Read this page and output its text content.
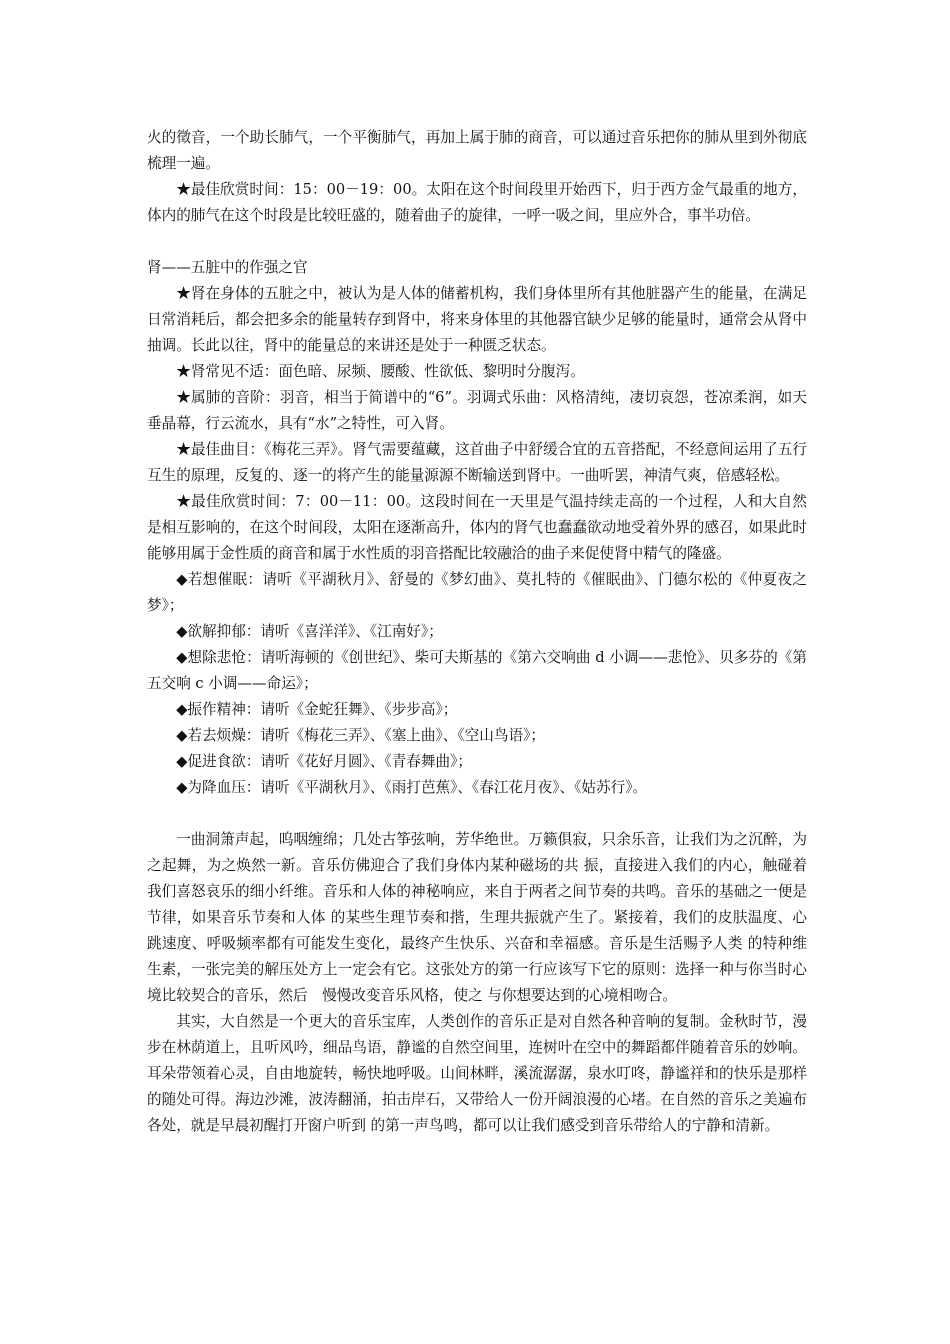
火的徵音，一个助长肺气，一个平衡肺气，再加上属于肺的商音，可以通过音乐把你的肺从里到外彻底梳理一遍。

★最佳欣赏时间：15：00－19：00。太阳在这个时间段里开始西下，归于西方金气最重的地方，体内的肺气在这个时段是比较旺盛的，随着曲子的旋律，一呼一吸之间，里应外合，事半功倍。

肾——五脏中的作强之官

★肾在身体的五脏之中，被认为是人体的储蓄机构，我们身体里所有其他脏器产生的能量，在满足日常消耗后，都会把多余的能量转存到肾中，将来身体里的其他器官缺少足够的能量时，通常会从肾中抽调。长此以往，肾中的能量总的来讲还是处于一种匮乏状态。

★肾常见不适：面色暗、尿频、腰酸、性欲低、黎明时分腹泻。

★属肺的音阶：羽音，相当于简谱中的“6”。羽调式乐曲：风格清纯，凄切哀怨，苍凉柔润，如天垂晶幕，行云流水，具有“水”之特性，可入肾。

★最佳曲目：《梅花三弄》。肾气需要蕴藏，这首曲子中舒缓合宜的五音搭配，不经意间运用了五行互生的原理，反复的、逐一的将产生的能量源源不断输送到肾中。一曲听罢，神清气爽，倍感轻松。

★最佳欣赏时间：7：00－11：00。这段时间在一天里是气温持续走高的一个过程，人和大自然是相互影响的，在这个时间段，太阳在逐渐高升，体内的肾气也蠢蠢欲动地受着外界的感召，如果此时能够用属于金性质的商音和属于水性质的羽音搭配比较融洽的曲子来促使肾中精气的隆盛。

◆若想催眠：请听《平湖秋月》、舒曼的《梦幻曲》、莫扎特的《催眠曲》、门德尔松的《仲夏夜之梦》；

◆欲解抑郁：请听《喜洋洋》、《江南好》；

◆想除悲怆：请听海顿的《创世纪》、柴可夫斯基的《第六交响曲 d 小调——悲怆》、贝多芬的《第五交响 c 小调——命运》；

◆振作精神：请听《金蛇狂舞》、《步步高》；

◆若去烦燥：请听《梅花三弄》、《塞上曲》、《空山鸟语》；

◆促进食欲：请听《花好月圆》、《青春舞曲》；

◆为降血压：请听《平湖秋月》、《雨打芭蕉》、《春江花月夜》、《姑苏行》。

一曲洞箫声起，呜咽缠绵；几处古筝弦响，芳华绝世。万籁俱寂，只余乐音，让我们为之沉醉，为之起舞，为之焕然一新。音乐仿佛迎合了我们身体内某种磁场的共 振，直接进入我们的内心，触碰着我们喜怒哀乐的细小纤维。音乐和人体的神秘响应，来自于两者之间节奏的共鸣。音乐的基础之一便是节律，如果音乐节奏和人体 的某些生理节奏和揩，生理共振就产生了。紧接着，我们的皮肤温度、心跳速度、呼吸频率都有可能发生变化，最终产生快乐、兴奋和幸福感。音乐是生活赐予人类 的特种维生素，一张完美的解压处方上一定会有它。这张处方的第一行应该写下它的原则：选择一种与你当时心境比较契合的音乐，然后　慢慢改变音乐风格，使之 与你想要达到的心境相吻合。

其实，大自然是一个更大的音乐宝库，人类创作的音乐正是对自然各种音响的复制。金秋时节，漫步在林荫道上，且听风吟，细品鸟语，静谧的自然空间里，连树叶在空中的舞蹈都伴随着音乐的妙响。耳朵带领着心灵，自由地旋转，畅快地呼吸。山间林畔，溪流潺潺，泉水叮咚，静谧祥和的快乐是那样的随处可得。海边沙滩，波涛翻涌，拍击岸石，又带给人一份开阔浪漫的心堵。在自然的音乐之美遍布各处，就是早晨初醒打开窗户听到 的第一声鸟鸣，都可以让我们感受到音乐带给人的宁静和清新。
